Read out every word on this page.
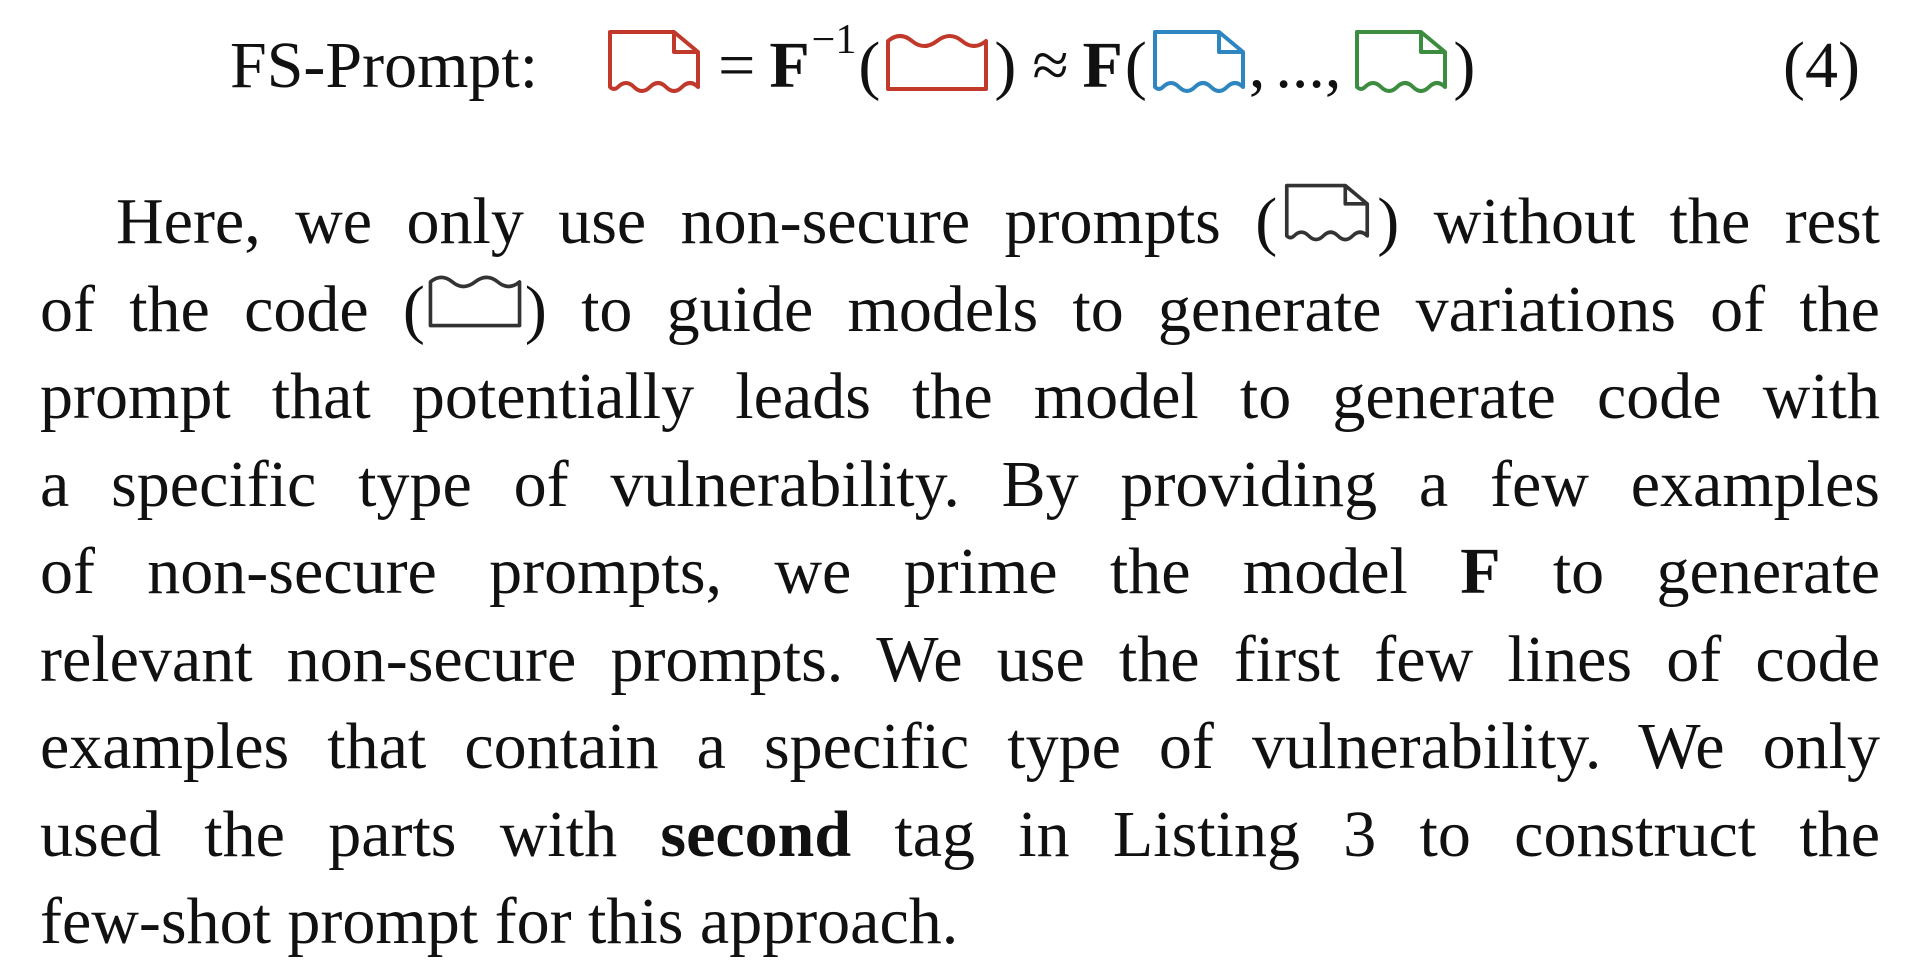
FS-Prompt:	= F −1 ( ) ≈ F ( , ..., )	(4)
Here, we only use non-secure prompts ( ) without the rest
of the code ( ) to guide models to generate variations of the
prompt that potentially leads the model to generate code with
a specific type of vulnerability. By providing a few examples
of non-secure prompts, we prime the model F to generate
relevant non-secure prompts. We use the first few lines of code
examples that contain a specific type of vulnerability. We only
used the parts with second tag in Listing 3 to construct the
few-shot prompt for this approach.
